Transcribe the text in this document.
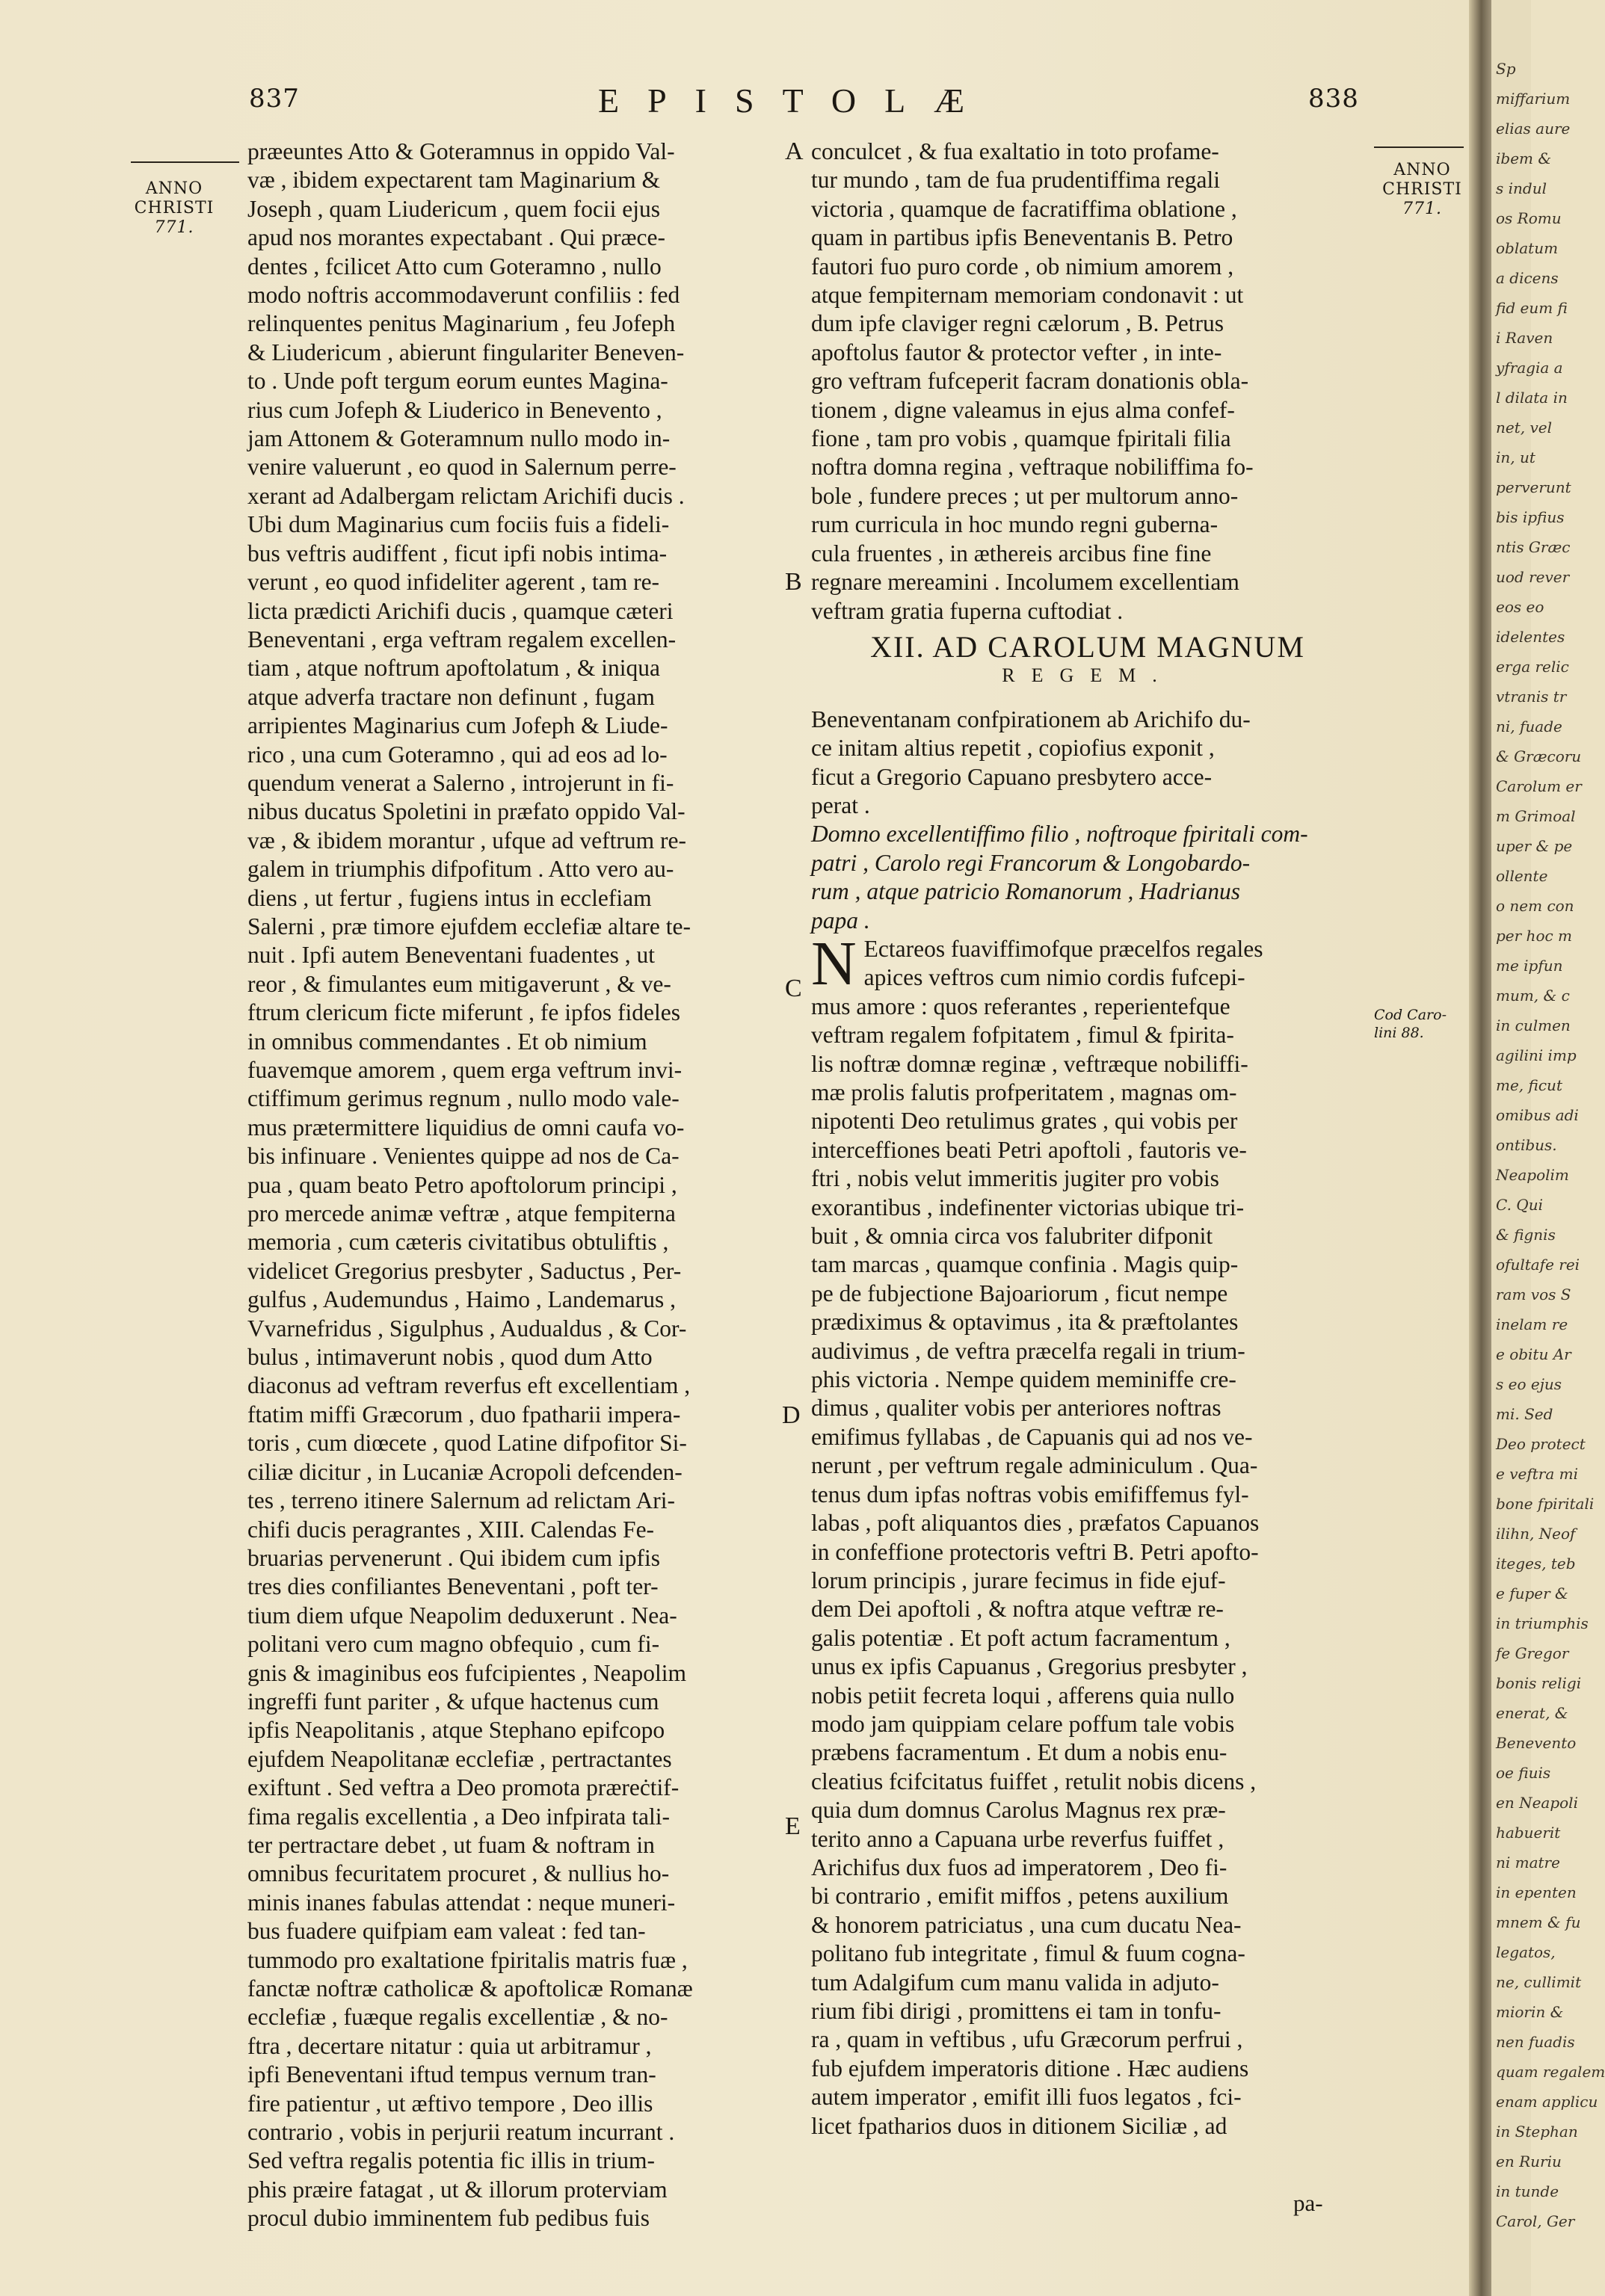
837	EPISTOLÆ	838
ANNO
CHRISTI
771.
ANNO
CHRISTI
771.

præeuntes Atto & Goteramnus in oppido Val-
væ , ibidem expectarent tam Maginarium &
Joseph , quam Liudericum , quem focii ejus
apud nos morantes expectabant . Qui præce-
dentes , fcilicet Atto cum Goteramno , nullo
modo noftris accommodaverunt confiliis : fed
relinquentes penitus Maginarium , feu Jofeph
& Liudericum , abierunt fingulariter Beneven-
to . Unde poft tergum eorum euntes Magina-
rius cum Jofeph & Liuderico in Benevento ,
jam Attonem & Goteramnum nullo modo in-
venire valuerunt , eo quod in Salernum perre-
xerant ad Adalbergam relictam Arichifi ducis .
Ubi dum Maginarius cum fociis fuis a fideli-
bus veftris audiffent , ficut ipfi nobis intima-
verunt , eo quod infideliter agerent , tam re-
licta prædicti Arichifi ducis , quamque cæteri
Beneventani , erga veftram regalem excellen-
tiam , atque noftrum apoftolatum , & iniqua
atque adverfa tractare non definunt , fugam
arripientes Maginarius cum Jofeph & Liude-
rico , una cum Goteramno , qui ad eos ad lo-
quendum venerat a Salerno , introjerunt in fi-
nibus ducatus Spoletini in præfato oppido Val-
væ , & ibidem morantur , ufque ad veftrum re-
galem in triumphis difpofitum . Atto vero au-
diens , ut fertur , fugiens intus in ecclefiam
Salerni , præ timore ejufdem ecclefiæ altare te-
nuit . Ipfi autem Beneventani fuadentes , ut
reor , & fimulantes eum mitigaverunt , & ve-
ftrum clericum ficte miferunt , fe ipfos fideles
in omnibus commendantes . Et ob nimium
fuavemque amorem , quem erga veftrum invi-
ctiffimum gerimus regnum , nullo modo vale-
mus prætermittere liquidius de omni caufa vo-
bis infinuare . Venientes quippe ad nos de Ca-
pua , quam beato Petro apoftolorum principi ,
pro mercede animæ veftræ , atque fempiterna
memoria , cum cæteris civitatibus obtuliftis ,
videlicet Gregorius presbyter , Saductus , Per-
gulfus , Audemundus , Haimo , Landemarus ,
Vvarnefridus , Sigulphus , Audualdus , & Cor-
bulus , intimaverunt nobis , quod dum Atto
diaconus ad veftram reverfus eft excellentiam ,
ftatim miffi Græcorum , duo fpatharii impera-
toris , cum diœcete , quod Latine difpofitor Si-
ciliæ dicitur , in Lucaniæ Acropoli defcenden-
tes , terreno itinere Salernum ad relictam Ari-
chifi ducis peragrantes , XIII. Calendas Fe-
bruarias pervenerunt . Qui ibidem cum ipfis
tres dies confiliantes Beneventani , poft ter-
tium diem ufque Neapolim deduxerunt . Nea-
politani vero cum magno obfequio , cum fi-
gnis & imaginibus eos fufcipientes , Neapolim
ingreffi funt pariter , & ufque hactenus cum
ipfis Neapolitanis , atque Stephano epifcopo
ejufdem Neapolitanæ ecclefiæ , pertractantes
exiftunt . Sed veftra a Deo promota præreċtif-
fima regalis excellentia , a Deo infpirata tali-
ter pertractare debet , ut fuam & noftram in
omnibus fecuritatem procuret , & nullius ho-
minis inanes fabulas attendat : neque muneri-
bus fuadere quifpiam eam valeat : fed tan-
tummodo pro exaltatione fpiritalis matris fuæ ,
fanctæ noftræ catholicæ & apoftolicæ Romanæ
ecclefiæ , fuæque regalis excellentiæ , & no-
ftra , decertare nitatur : quia ut arbitramur ,
ipfi Beneventani iftud tempus vernum tran-
fire patientur , ut æftivo tempore , Deo illis
contrario , vobis in perjurii reatum incurrant .
Sed veftra regalis potentia fic illis in trium-
phis præire fatagat , ut & illorum proterviam
procul dubio imminentem fub pedibus fuis

conculcet , & fua exaltatio in toto profame-
tur mundo , tam de fua prudentiffima regali
victoria , quamque de facratiffima oblatione ,
quam in partibus ipfis Beneventanis B. Petro
fautori fuo puro corde , ob nimium amorem ,
atque fempiternam memoriam condonavit : ut
dum ipfe claviger regni cælorum , B. Petrus
apoftolus fautor & protector vefter , in inte-
gro veftram fufceperit facram donationis obla-
tionem , digne valeamus in ejus alma confef-
fione , tam pro vobis , quamque fpiritali filia
noftra domna regina , veftraque nobiliffima fo-
bole , fundere preces ; ut per multorum anno-
rum curricula in hoc mundo regni guberna-
cula fruentes , in æthereis arcibus fine fine
regnare mereamini . Incolumem excellentiam
veftram gratia fuperna cuftodiat .

XII. AD CAROLUM MAGNUM
REGEM.

Beneventanam confpirationem ab Arichifo du-
ce initam altius repetit , copiofius exponit ,
ficut a Gregorio Capuano presbytero acce-
perat .

Domno excellentiffimo filio , noftroque fpiritali com-
patri , Carolo regi Francorum & Longobardo-
rum , atque patricio Romanorum , Hadrianus
papa .

N Ectareos fuaviffimofque præcelfos regales
apices veftros cum nimio cordis fufcepi-

mus amore : quos referantes , reperientefque
veftram regalem fofpitatem , fimul & fpirita-
lis noftræ domnæ reginæ , veftræque nobiliffi-
mæ prolis falutis profperitatem , magnas om-
nipotenti Deo retulimus grates , qui vobis per
interceffiones beati Petri apoftoli , fautoris ve-
ftri , nobis velut immeritis jugiter pro vobis
exorantibus , indefinenter victorias ubique tri-
buit , & omnia circa vos falubriter difponit
tam marcas , quamque confinia . Magis quip-
pe de fubjectione Bajoariorum , ficut nempe
prædiximus & optavimus , ita & præftolantes
audivimus , de veftra præcelfa regali in trium-
phis victoria . Nempe quidem meminiffe cre-
dimus , qualiter vobis per anteriores noftras
emifimus fyllabas , de Capuanis qui ad nos ve-
nerunt , per veftrum regale adminiculum . Qua-
tenus dum ipfas noftras vobis emififfemus fyl-
labas , poft aliquantos dies , præfatos Capuanos
in confeffione protectoris veftri B. Petri apofto-
lorum principis , jurare fecimus in fide ejuf-
dem Dei apoftoli , & noftra atque veftræ re-
galis potentiæ . Et poft actum facramentum ,
unus ex ipfis Capuanus , Gregorius presbyter ,
nobis petiit fecreta loqui , afferens quia nullo
modo jam quippiam celare poffum tale vobis
præbens facramentum . Et dum a nobis enu-
cleatius fcifcitatus fuiffet , retulit nobis dicens ,
quia dum domnus Carolus Magnus rex præ-
terito anno a Capuana urbe reverfus fuiffet ,
Arichifus dux fuos ad imperatorem , Deo fi-
bi contrario , emifit miffos , petens auxilium
& honorem patriciatus , una cum ducatu Nea-
politano fub integritate , fimul & fuum cogna-
tum Adalgifum cum manu valida in adjuto-
rium fibi dirigi , promittens ei tam in tonfu-
ra , quam in veftibus , ufu Græcorum perfrui ,
fub ejufdem imperatoris ditione . Hæc audiens
autem imperator , emifit illi fuos legatos , fci-
licet fpatharios duos in ditionem Siciliæ , ad

A
B
C
D
E
Cod Caro-lini 88.
pa-
Sp
miffarium
elias aure
ibem &
s indul
os Romu
oblatum
a dicens
fid eum fi
i Raven
yfragia a
l dilata in
net, vel
in, ut
perverunt
bis ipfius
ntis Græc
uod rever
eos eo
idelentes
erga relic
vtranis tr
ni, fuade
& Græcoru
Carolum er
m Grimoal
uper & pe
ollente
o nem con
per hoc m
me ipfun
mum, & c
in culmen
agilini imp
me, ficut
omibus adi
ontibus.
Neapolim
C. Qui
& fignis
ofultafe rei
ram vos S
inelam re
e obitu Ar
s eo ejus
mi. Sed
Deo protect
e veftra mi
bone fpiritali
ilihn, Neof
iteges, teb
e fuper &
in triumphis
fe Gregor
bonis religi
enerat, &
Benevento
oe fiuis
en Neapoli
habuerit
ni matre
in epenten
mnem & fu
legatos,
ne, cullimit
miorin &
nen fuadis
quam regalem
enam applicu
in Stephan
en Ruriu
in tunde
Carol, Ger
